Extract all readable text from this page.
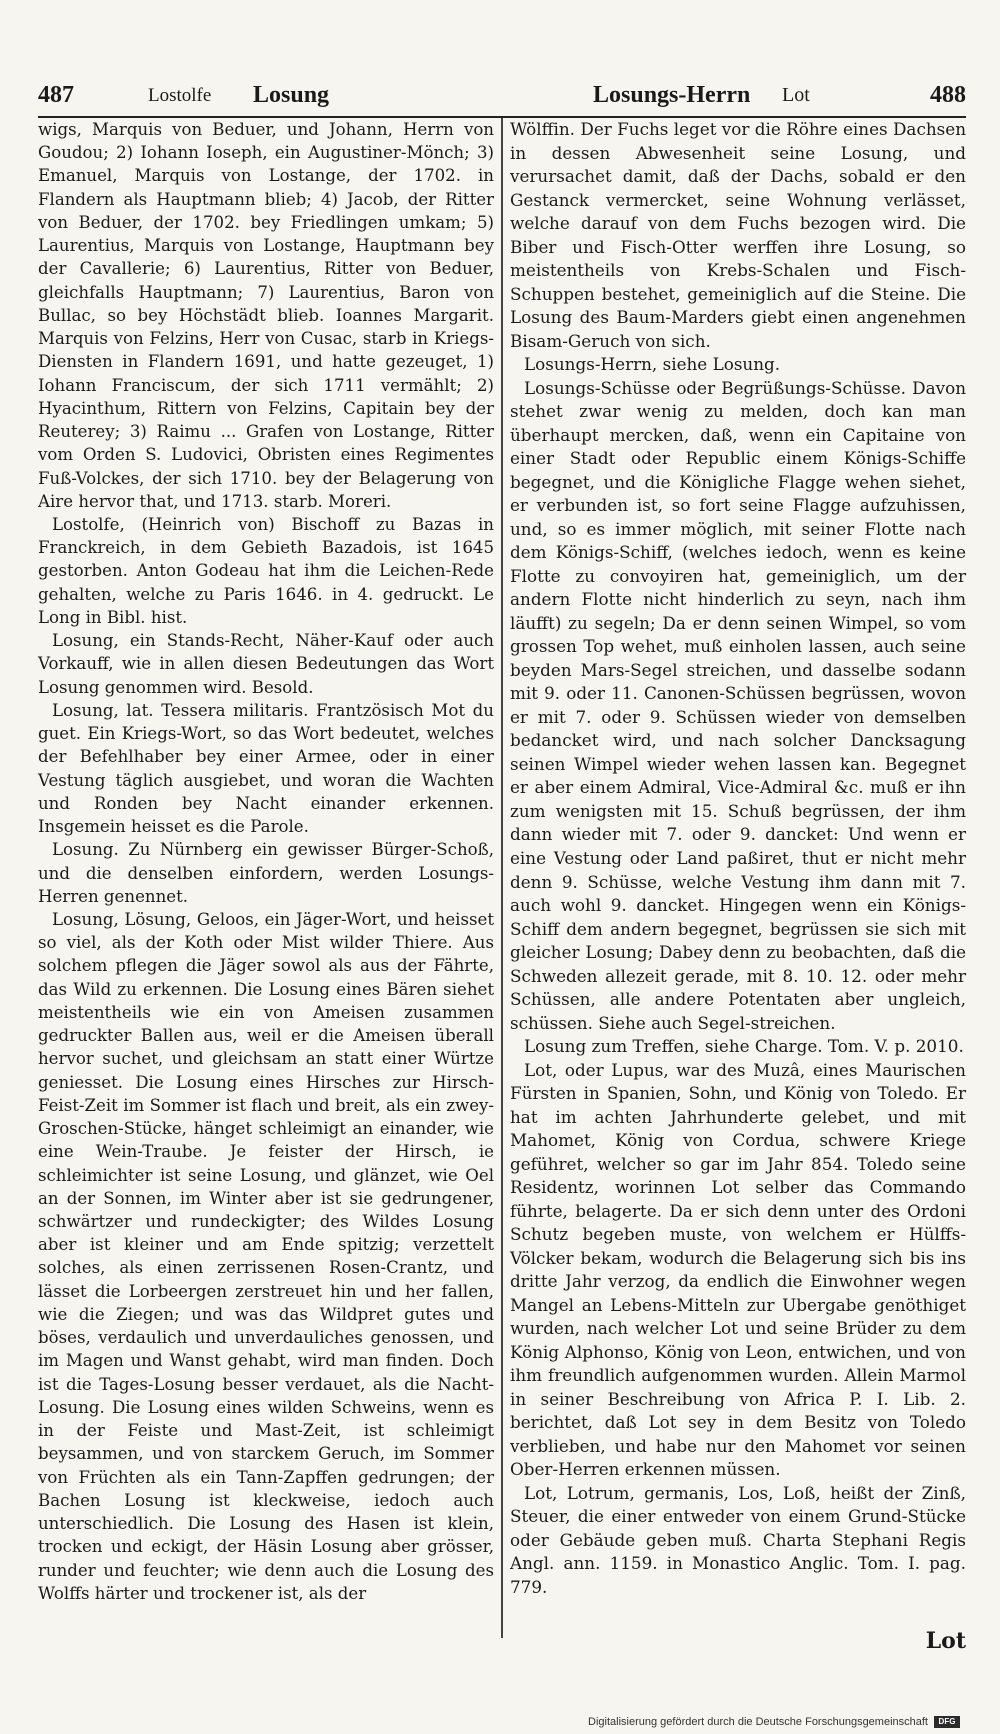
487	Lostolfe Losung	Losungs-Herrn Lot	488

wigs, Marquis von Beduer, und Johann, Herrn von Goudou; 2) Iohann Ioseph, ein Augustiner-Mönch; 3) Emanuel, Marquis von Lostange, der 1702. in Flandern als Hauptmann blieb; 4) Jacob, der Ritter von Beduer, der 1702. bey Friedlingen umkam; 5) Laurentius, Marquis von Lostange, Hauptmann bey der Cavallerie; 6) Laurentius, Ritter von Beduer, gleichfalls Hauptmann; 7) Laurentius, Baron von Bullac, so bey Höchstädt blieb. Ioannes Margarit. Marquis von Felzins, Herr von Cusac, starb in Kriegs-Diensten in Flandern 1691, und hatte gezeuget, 1) Iohann Franciscum, der sich 1711 vermählt; 2) Hyacinthum, Rittern von Felzins, Capitain bey der Reuterey; 3) Raimu ... Grafen von Lostange, Ritter vom Orden S. Ludovici, Obristen eines Regimentes Fuß-Volckes, der sich 1710. bey der Belagerung von Aire hervor that, und 1713. starb. Moreri.

Lostolfe, (Heinrich von) Bischoff zu Bazas in Franckreich, in dem Gebieth Bazadois, ist 1645 gestorben. Anton Godeau hat ihm die Leichen-Rede gehalten, welche zu Paris 1646. in 4. gedruckt. Le Long in Bibl. hist.

Losung, ein Stands-Recht, Näher-Kauf oder auch Vorkauff, wie in allen diesen Bedeutungen das Wort Losung genommen wird. Besold.

Losung, lat. Tessera militaris. Frantzösisch Mot du guet. Ein Kriegs-Wort, so das Wort bedeutet, welches der Befehlhaber bey einer Armee, oder in einer Vestung täglich ausgiebet, und woran die Wachten und Ronden bey Nacht einander erkennen. Insgemein heisset es die Parole.

Losung. Zu Nürnberg ein gewisser Bürger-Schoß, und die denselben einfordern, werden Losungs-Herren genennet.

Losung, Lösung, Geloos, ein Jäger-Wort, und heisset so viel, als der Koth oder Mist wilder Thiere. Aus solchem pflegen die Jäger sowol als aus der Fährte, das Wild zu erkennen. Die Losung eines Bären siehet meistentheils wie ein von Ameisen zusammen gedruckter Ballen aus, weil er die Ameisen überall hervor suchet, und gleichsam an statt einer Würtze geniesset. Die Losung eines Hirsches zur Hirsch-Feist-Zeit im Sommer ist flach und breit, als ein zwey-Groschen-Stücke, hänget schleimigt an einander, wie eine Wein-Traube. Je feister der Hirsch, ie schleimichter ist seine Losung, und glänzet, wie Oel an der Sonnen, im Winter aber ist sie gedrungener, schwärtzer und rundeckigter; des Wildes Losung aber ist kleiner und am Ende spitzig; verzettelt solches, als einen zerrissenen Rosen-Crantz, und lässet die Lorbeergen zerstreuet hin und her fallen, wie die Ziegen; und was das Wildpret gutes und böses, verdaulich und unverdauliches genossen, und im Magen und Wanst gehabt, wird man finden. Doch ist die Tages-Losung besser verdauet, als die Nacht-Losung. Die Losung eines wilden Schweins, wenn es in der Feiste und Mast-Zeit, ist schleimigt beysammen, und von starckem Geruch, im Sommer von Früchten als ein Tann-Zapffen gedrungen; der Bachen Losung ist kleckweise, iedoch auch unterschiedlich. Die Losung des Hasen ist klein, trocken und eckigt, der Häsin Losung aber grösser, runder und feuchter; wie denn auch die Losung des Wolffs härter und trockener ist, als der

Wölffin. Der Fuchs leget vor die Röhre eines Dachsen in dessen Abwesenheit seine Losung, und verursachet damit, daß der Dachs, sobald er den Gestanck vermercket, seine Wohnung verlässet, welche darauf von dem Fuchs bezogen wird. Die Biber und Fisch-Otter werffen ihre Losung, so meistentheils von Krebs-Schalen und Fisch-Schuppen bestehet, gemeiniglich auf die Steine. Die Losung des Baum-Marders giebt einen angenehmen Bisam-Geruch von sich.

Losungs-Herrn, siehe Losung.

Losungs-Schüsse oder Begrüßungs-Schüsse. Davon stehet zwar wenig zu melden, doch kan man überhaupt mercken, daß, wenn ein Capitaine von einer Stadt oder Republic einem Königs-Schiffe begegnet, und die Königliche Flagge wehen siehet, er verbunden ist, so fort seine Flagge aufzuhissen, und, so es immer möglich, mit seiner Flotte nach dem Königs-Schiff, (welches iedoch, wenn es keine Flotte zu convoyiren hat, gemeiniglich, um der andern Flotte nicht hinderlich zu seyn, nach ihm läufft) zu segeln; Da er denn seinen Wimpel, so vom grossen Top wehet, muß einholen lassen, auch seine beyden Mars-Segel streichen, und dasselbe sodann mit 9. oder 11. Canonen-Schüssen begrüssen, wovon er mit 7. oder 9. Schüssen wieder von demselben bedancket wird, und nach solcher Dancksagung seinen Wimpel wieder wehen lassen kan. Begegnet er aber einem Admiral, Vice-Admiral &c. muß er ihn zum wenigsten mit 15. Schuß begrüssen, der ihm dann wieder mit 7. oder 9. dancket: Und wenn er eine Vestung oder Land paßiret, thut er nicht mehr denn 9. Schüsse, welche Vestung ihm dann mit 7. auch wohl 9. dancket. Hingegen wenn ein Königs-Schiff dem andern begegnet, begrüssen sie sich mit gleicher Losung; Dabey denn zu beobachten, daß die Schweden allezeit gerade, mit 8. 10. 12. oder mehr Schüssen, alle andere Potentaten aber ungleich, schüssen. Siehe auch Segel-streichen.

Losung zum Treffen, siehe Charge. Tom. V. p. 2010.

Lot, oder Lupus, war des Muzâ, eines Maurischen Fürsten in Spanien, Sohn, und König von Toledo. Er hat im achten Jahrhunderte gelebet, und mit Mahomet, König von Cordua, schwere Kriege geführet, welcher so gar im Jahr 854. Toledo seine Residentz, worinnen Lot selber das Commando führte, belagerte. Da er sich denn unter des Ordoni Schutz begeben muste, von welchem er Hülffs-Völcker bekam, wodurch die Belagerung sich bis ins dritte Jahr verzog, da endlich die Einwohner wegen Mangel an Lebens-Mitteln zur Ubergabe genöthiget wurden, nach welcher Lot und seine Brüder zu dem König Alphonso, König von Leon, entwichen, und von ihm freundlich aufgenommen wurden. Allein Marmol in seiner Beschreibung von Africa P. I. Lib. 2. berichtet, daß Lot sey in dem Besitz von Toledo verblieben, und habe nur den Mahomet vor seinen Ober-Herren erkennen müssen.

Lot, Lotrum, germanis, Los, Loß, heißt der Zinß, Steuer, die einer entweder von einem Grund-Stücke oder Gebäude geben muß. Charta Stephani Regis Angl. ann. 1159. in Monastico Anglic. Tom. I. pag. 779.

Lot
Digitalisierung gefördert durch die Deutsche Forschungsgemeinschaft	DFG
